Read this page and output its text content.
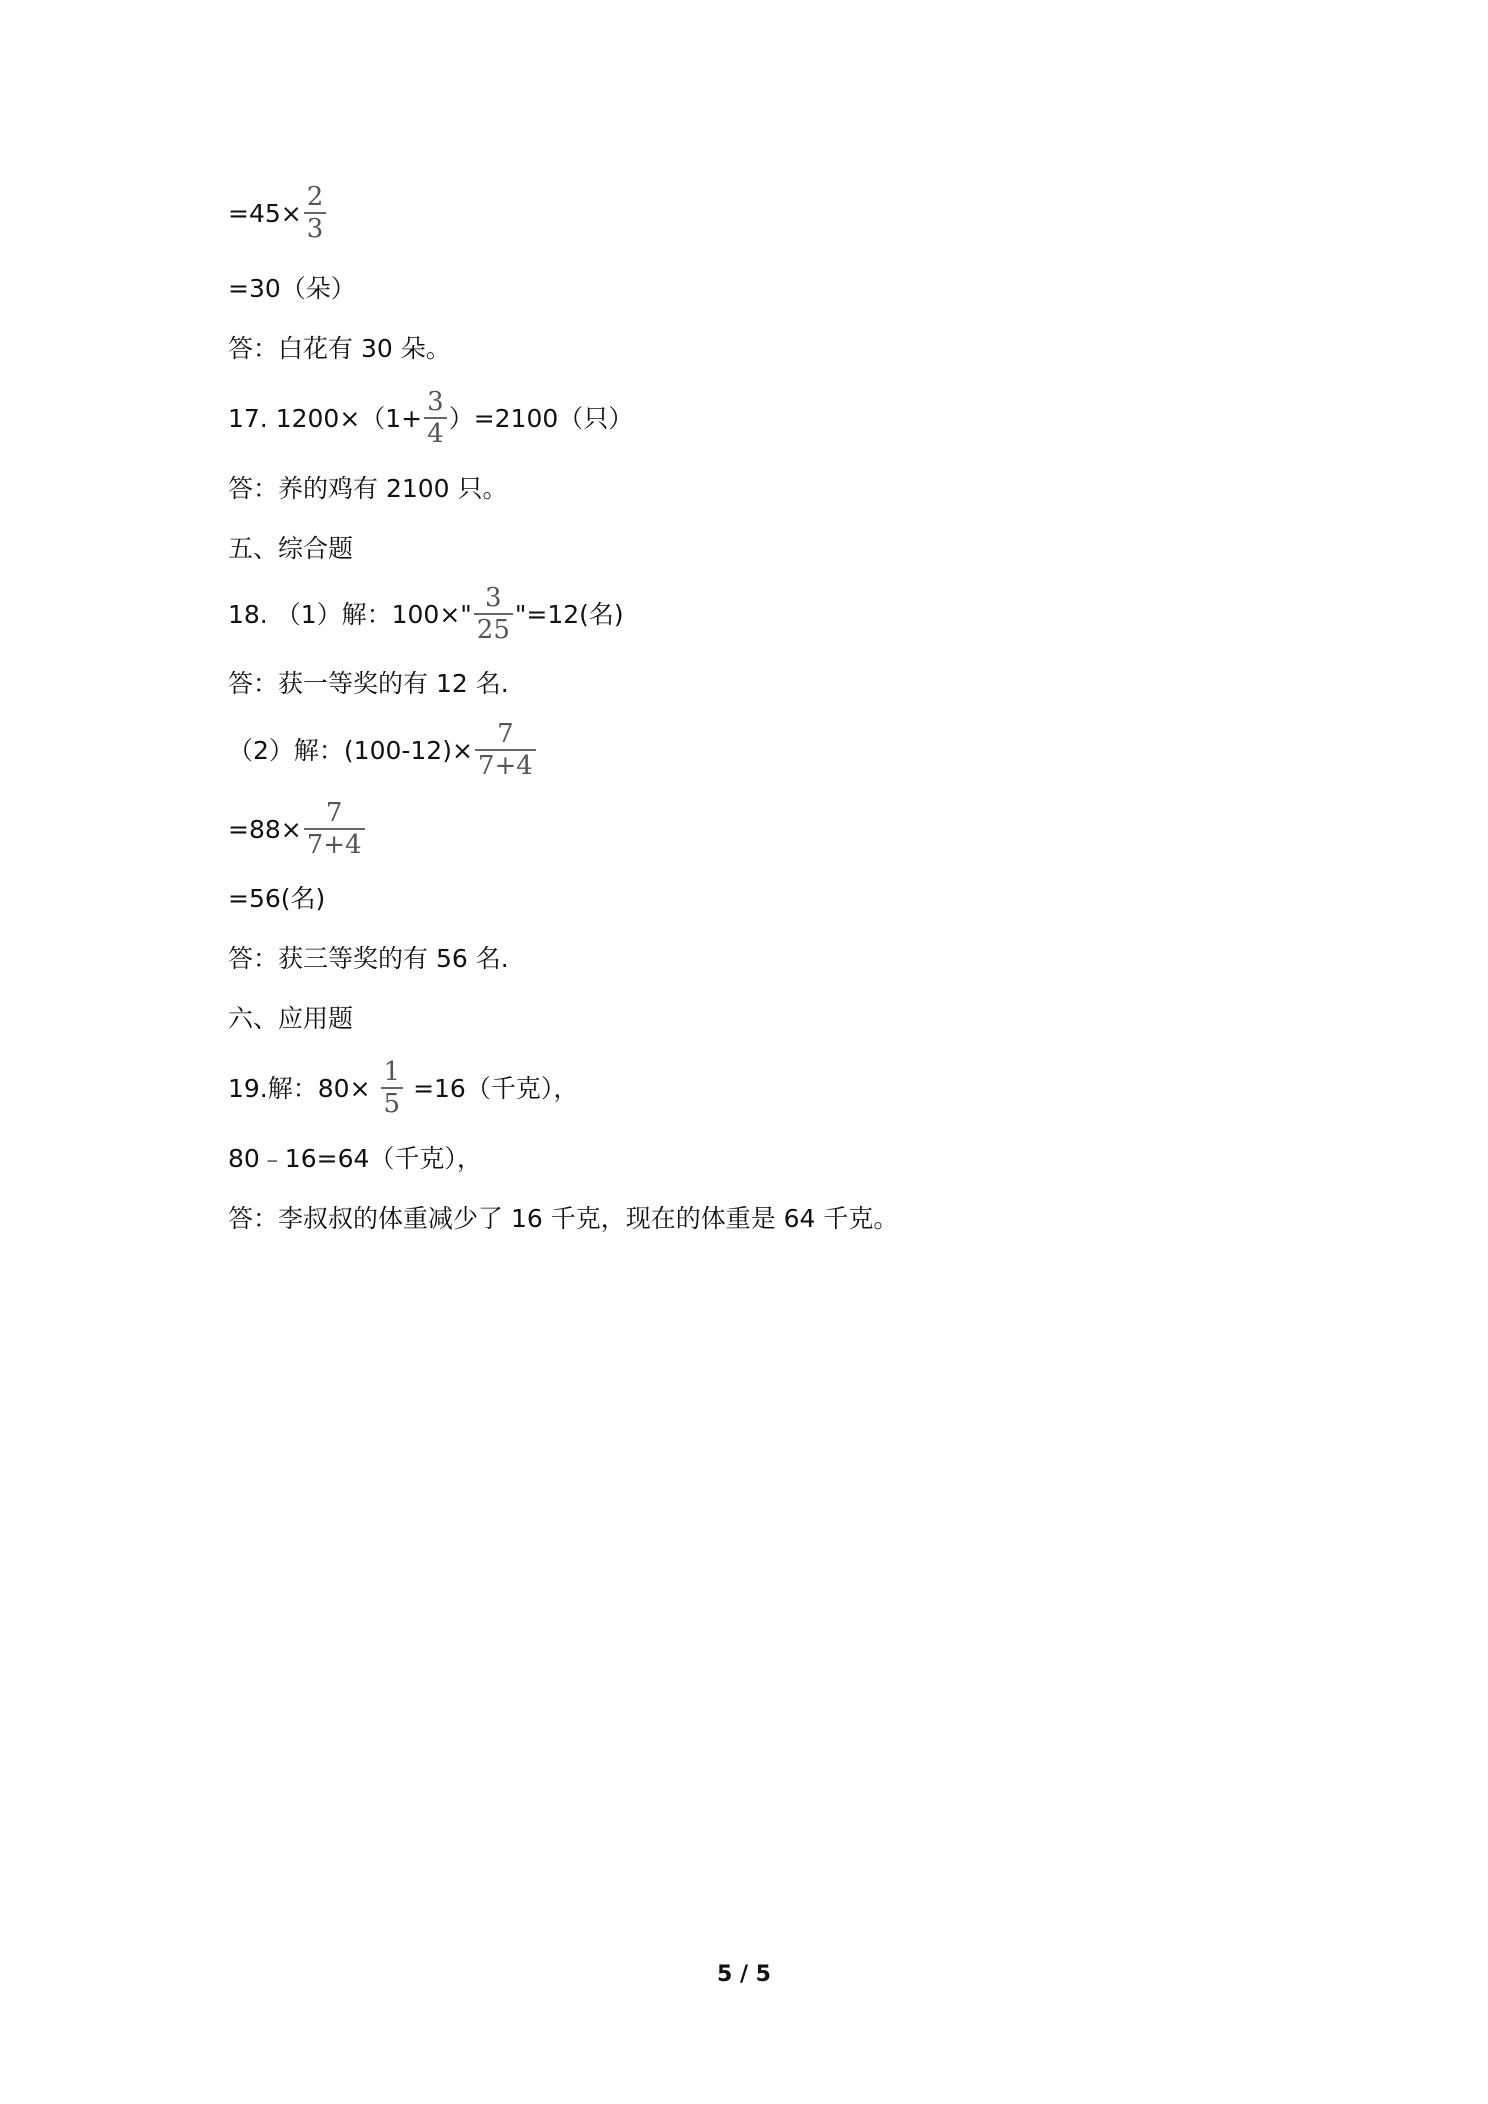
$=45\times \frac{2}{3}$
=30（朵）
答：白花有 30 朵。
17. $1200\times(1+ \frac{3}{4} )=2100$（只）
答：养的鸡有 2100 只。
五、综合题
18. （1）解：100×" $\frac{3}{25}$ "=12(名)
答：获一等奖的有 12 名.
（2）解：$(100-12)\times \frac{7}{7+4}$
$=88\times \frac{7}{7+4}$
=56(名)
答：获三等奖的有 56 名.
六、应用题
19.解：$80\times \frac{1}{5} =16$（千克），
80﹣16=64（千克），
答：李叔叔的体重减少了 16 千克，现在的体重是 64 千克。
5 / 5
